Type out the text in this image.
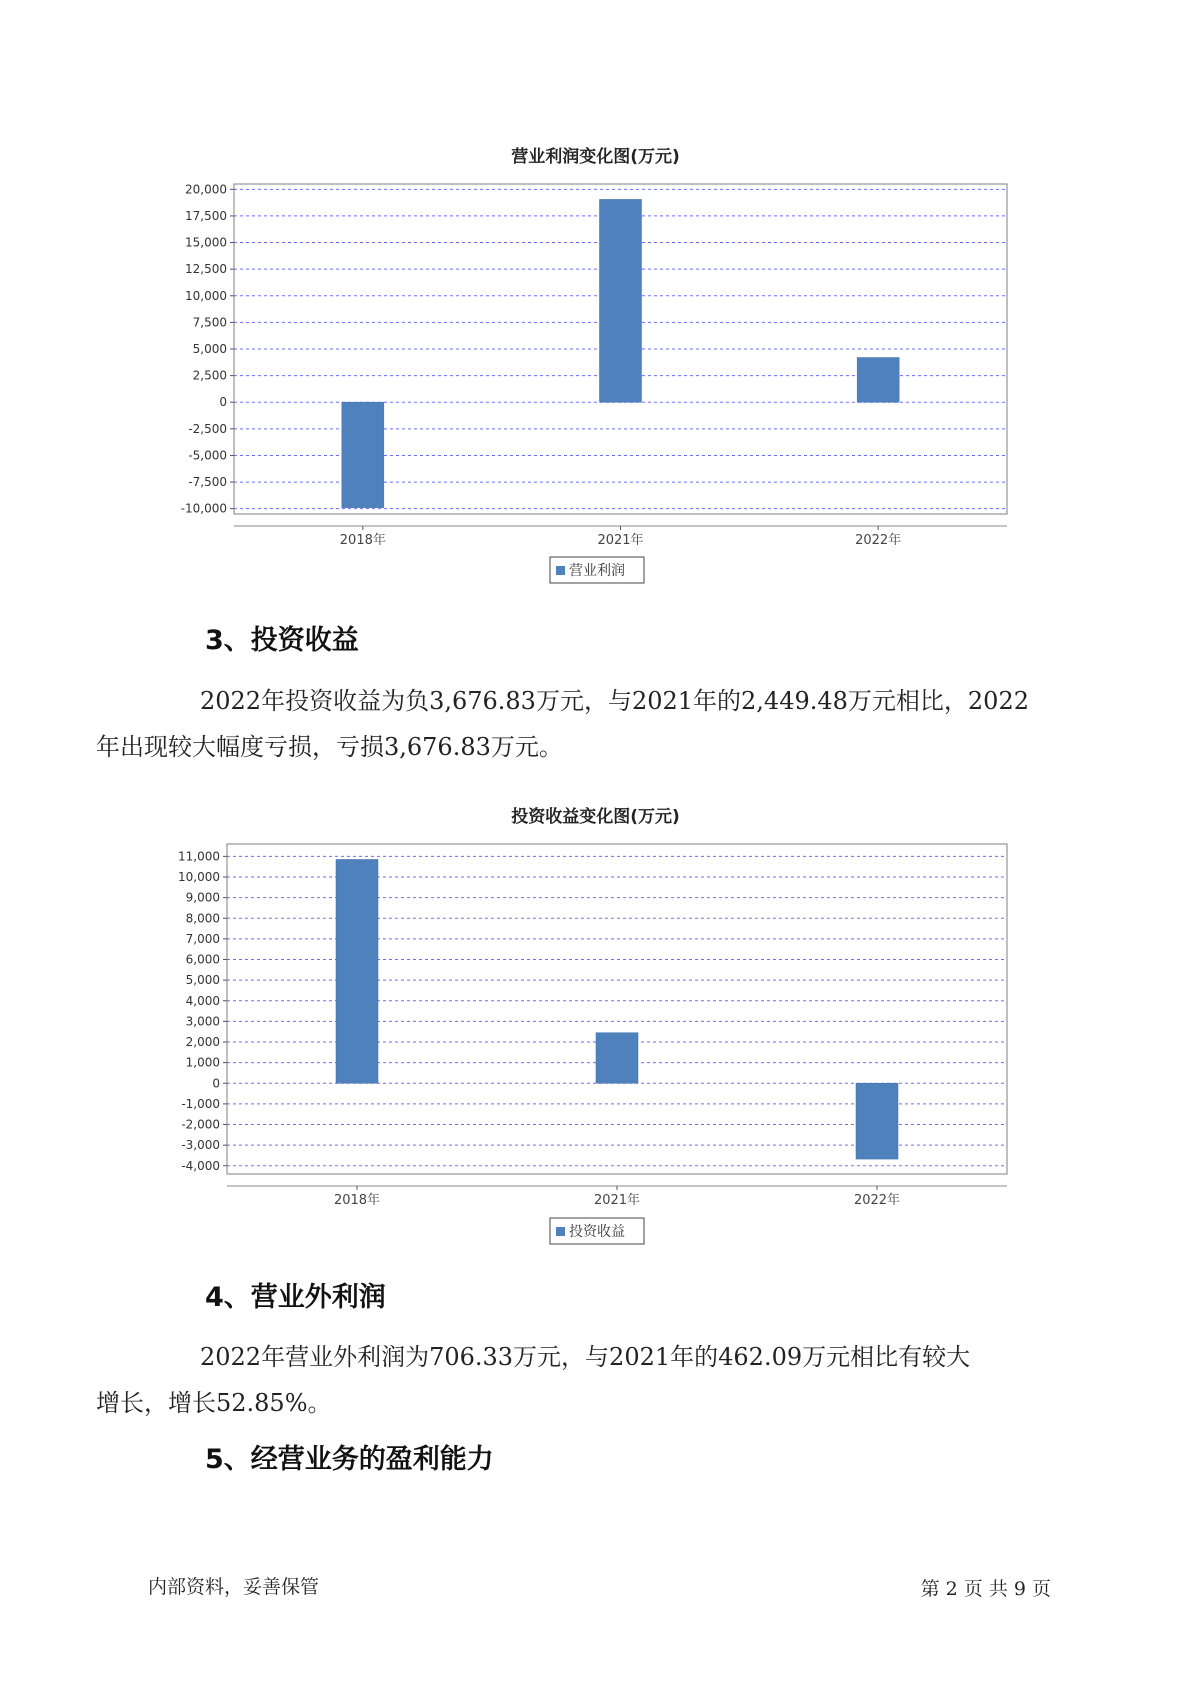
营业利润变化图(万元)
20,000
17,500
15,000
12,500
10,000
7,500
5,000
2,500
0
-2,500
-5,000
-7,500
-10,000
2018年	2021年	2022年
营业利润
3、投资收益
2022年投资收益为负3,676.83万元，与2021年的2,449.48万元相比，2022
年出现较大幅度亏损，亏损3,676.83万元。
投资收益变化图(万元)
11,000
10,000
9,000
8,000
7,000
6,000
5,000
4,000
3,000
2,000
1,000
0
-1,000
-2,000
-3,000
-4,000
2018年	2021年	2022年
投资收益
4、营业外利润
2022年营业外利润为706.33万元，与2021年的462.09万元相比有较大
增长，增长52.85%。
5、经营业务的盈利能力
内部资料，妥善保管	第 2 页 共 9 页
